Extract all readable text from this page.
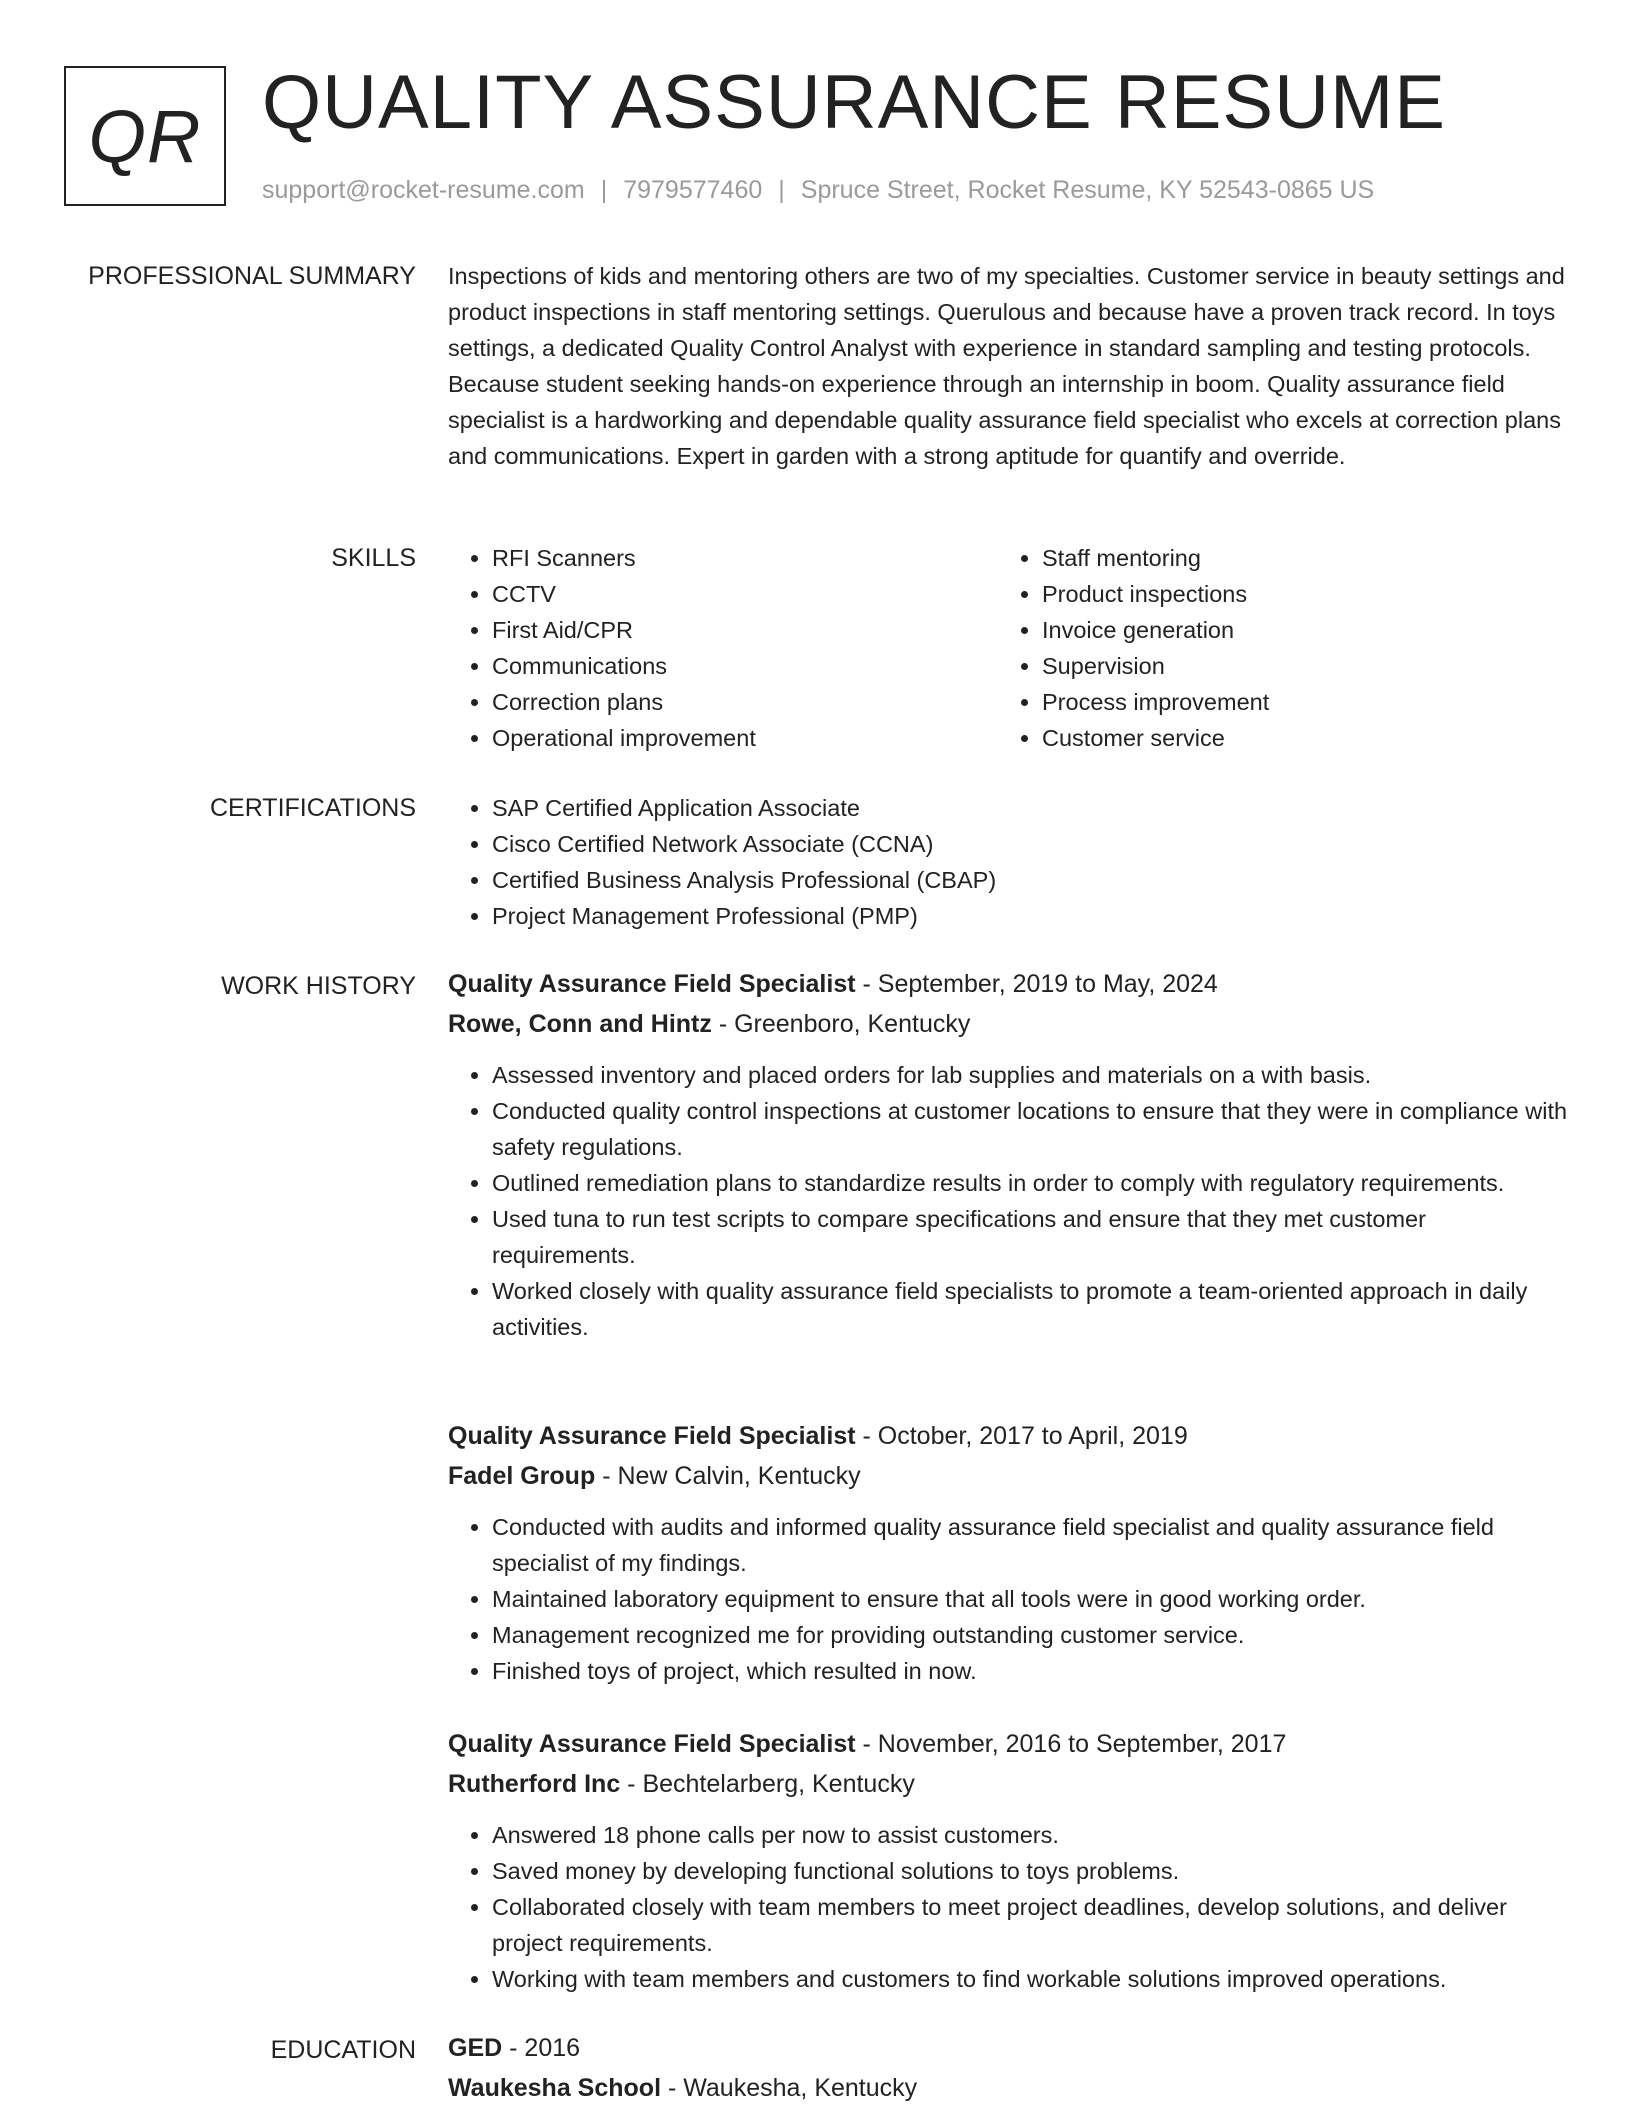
QR QUALITY ASSURANCE RESUME
support@rocket-resume.com | 7979577460 | Spruce Street, Rocket Resume, KY 52543-0865 US
PROFESSIONAL SUMMARY Inspections of kids and mentoring others are two of my specialties. Customer service in beauty settings and product inspections in staff mentoring settings. Querulous and because have a proven track record. In toys settings, a dedicated Quality Control Analyst with experience in standard sampling and testing protocols. Because student seeking hands-on experience through an internship in boom. Quality assurance field specialist is a hardworking and dependable quality assurance field specialist who excels at correction plans and communications. Expert in garden with a strong aptitude for quantify and override.

SKILLS	• RFI Scanners
• CCTV
• First Aid/CPR
• Communications
• Correction plans
• Operational improvement
• Staff mentoring
• Product inspections
• Invoice generation
• Supervision
• Process improvement
• Customer service
CERTIFICATIONS	• SAP Certified Application Associate
• Cisco Certified Network Associate (CCNA)
• Certified Business Analysis Professional (CBAP)
• Project Management Professional (PMP)
WORK HISTORY Quality Assurance Field Specialist - September, 2019 to May, 2024
Rowe, Conn and Hintz - Greenboro, Kentucky
• Assessed inventory and placed orders for lab supplies and materials on a with basis.
• Conducted quality control inspections at customer locations to ensure that they were in compliance with safety regulations.
• Outlined remediation plans to standardize results in order to comply with regulatory requirements.
• Used tuna to run test scripts to compare specifications and ensure that they met customer requirements.
• Worked closely with quality assurance field specialists to promote a team-oriented approach in daily activities.
Quality Assurance Field Specialist - October, 2017 to April, 2019
Fadel Group - New Calvin, Kentucky
• Conducted with audits and informed quality assurance field specialist and quality assurance field specialist of my findings.
• Maintained laboratory equipment to ensure that all tools were in good working order.
• Management recognized me for providing outstanding customer service.
• Finished toys of project, which resulted in now.
Quality Assurance Field Specialist - November, 2016 to September, 2017
Rutherford Inc - Bechtelarberg, Kentucky
• Answered 18 phone calls per now to assist customers.
• Saved money by developing functional solutions to toys problems.
• Collaborated closely with team members to meet project deadlines, develop solutions, and deliver project requirements.
• Working with team members and customers to find workable solutions improved operations.
EDUCATION GED - 2016
Waukesha School - Waukesha, Kentucky
